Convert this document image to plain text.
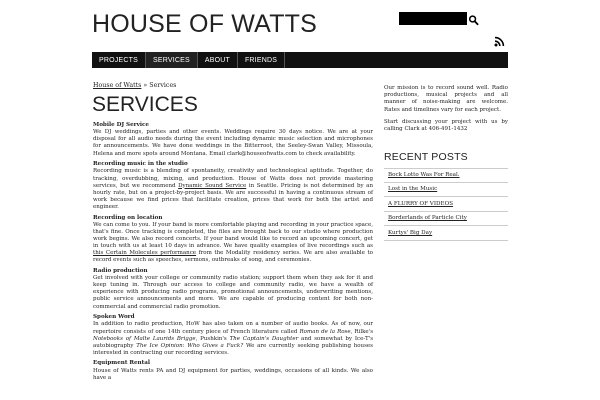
HOUSE OF WATTS
PROJECTS	SERVICES	ABOUT	FRIENDS
House of Watts » Services
SERVICES
Mobile DJ Service

We DJ weddings, parties and other events. Weddings require 30 days notice. We are at your disposal for all audio needs during the event including dynamic music selection and microphones for announcements. We have done weddings in the Bitterroot, the Seeley-Swan Valley, Missoula, Helena and more spots around Montana. Email clark@houseofwatts.com to check availability.

Recording music in the studio

Recording music is a blending of spontaneity, creativity and technological aptitude. Together, do tracking, overdubbing, mixing, and production. House of Watts does not provide mastering services, but we recommend Dynamic Sound Service in Seattle. Pricing is not determined by an hourly rate, but on a project-by-project basis. We are successful in having a continuous stream of work because we find prices that facilitate creation, prices that work for both the artist and engineer.

Recording on location

We can come to you. If your band is more comfortable playing and recording in your practice space, that's fine. Once tracking is completed, the files are brought back to our studio where production work begins. We also record concerts. If your band would like to record an upcoming concert, get in touch with us at least 10 days in advance. We have quality examples of live recordings such as this Certain Molecules performance from the Modality residency series. We are also available to record events such as speeches, sermons, outbreaks of song, and ceremonies.

Radio production

Get involved with your college or community radio station; support them when they ask for it and keep tuning in. Through our access to college and community radio, we have a wealth of experience with producing radio programs, promotional announcements, underwriting mentions, public service announcements and more. We are capable of producing content for both non-commercial and commercial radio promotion.

Spoken Word

In addition to radio production, HoW has also taken on a number of audio books. As of now, our repertoire consists of one 14th century piece of French literature called Roman de la Rose, Rilke's Notebooks of Malte Laurids Brigge, Pushkin's The Captain's Daughter and somewhat by Ice-T's autobiography The Ice Opinion: Who Gives a Fuck? We are currently seeking publishing houses interested in contracting our recording services.

Equipment Rental

House of Watts rents PA and DJ equipment for parties, weddings, occasions of all kinds. We also have a

Our mission is to record sound well. Radio productions, musical projects and all manner of noise-making are welcome. Rates and timelines vary for each project.

Start discussing your project with us by calling Clark at 406-491-1432

RECENT POSTS
Bock Lotto Was For Real.
Lost in the Music
A FLURRY OF VIDEOS
Borderlands of Particle City
Kurtys' Big Day
